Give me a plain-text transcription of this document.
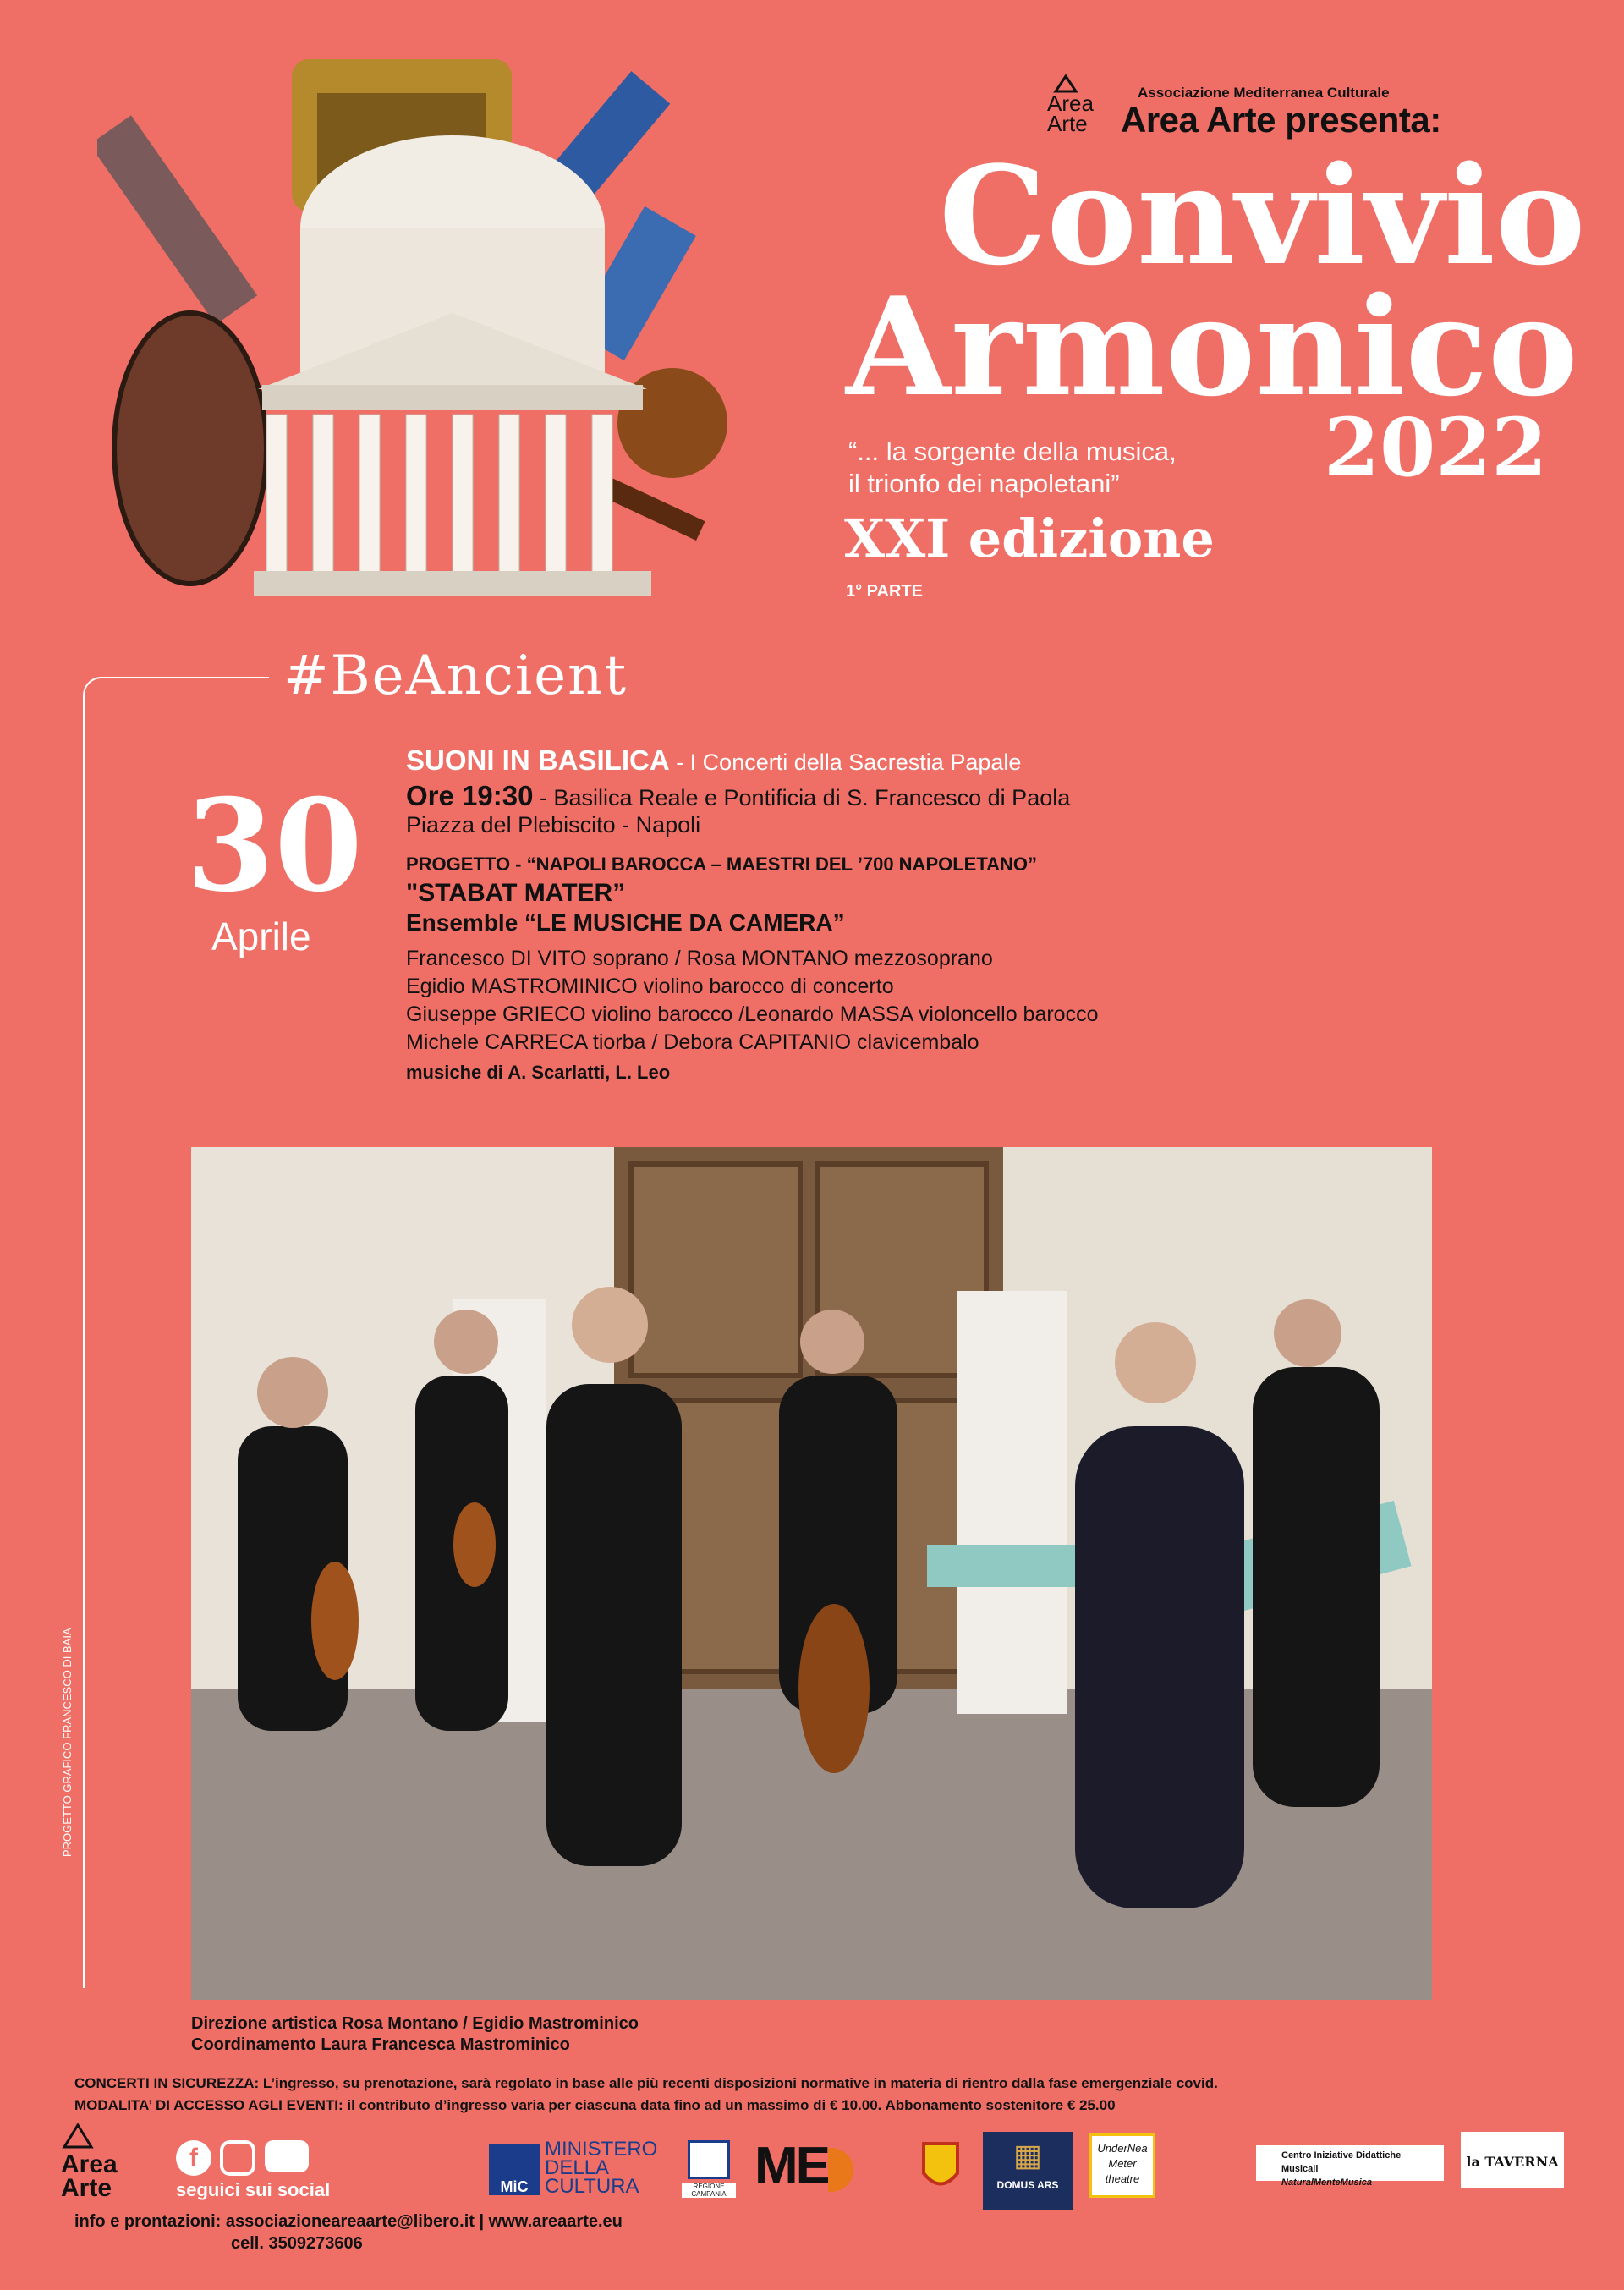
Area
Arte
Associazione Mediterranea Culturale
Area Arte presenta:
Convivio
Armonico
2022
“... la sorgente della musica,
il trionfo dei napoletani”
XXI edizione
1° PARTE
#BeAncient
30
Aprile
SUONI IN BASILICA - I Concerti della Sacrestia Papale
Ore 19:30 - Basilica Reale e Pontificia di S. Francesco di Paola
Piazza del Plebiscito - Napoli
PROGETTO - “NAPOLI BAROCCA – MAESTRI DEL ’700 NAPOLETANO”
"STABAT MATER”
Ensemble “LE MUSICHE DA CAMERA”
Francesco DI VITO soprano / Rosa MONTANO mezzosoprano
Egidio MASTROMINICO violino barocco di concerto
Giuseppe GRIECO violino barocco /Leonardo MASSA violoncello barocco
Michele CARRECA tiorba / Debora CAPITANIO clavicembalo
musiche di A. Scarlatti, L. Leo
Direzione artistica Rosa Montano / Egidio Mastrominico
Coordinamento Laura Francesca Mastrominico
PROGETTO GRAFICO FRANCESCO DI BAIA
CONCERTI IN SICUREZZA: L’ingresso, su prenotazione, sarà regolato in base alle più recenti disposizioni normative in materia di rientro dalla fase emergenziale covid.
MODALITA’ DI ACCESSO AGLI EVENTI: il contributo d’ingresso varia per ciascuna data fino ad un massimo di € 10.00. Abbonamento sostenitore € 25.00
Area
Arte
f
seguici sui social	MiC
MINISTERO
DELLA
CULTURA	REGIONE CAMPANIA ME	▦
DOMUS ARS
UnderNea
Meter
theatre
Centro Iniziative Didattiche Musicali
NaturalMenteMusica
la TAVERNA
info e prontazioni: associazioneareaarte@libero.it | www.areaarte.eu
cell. 3509273606
